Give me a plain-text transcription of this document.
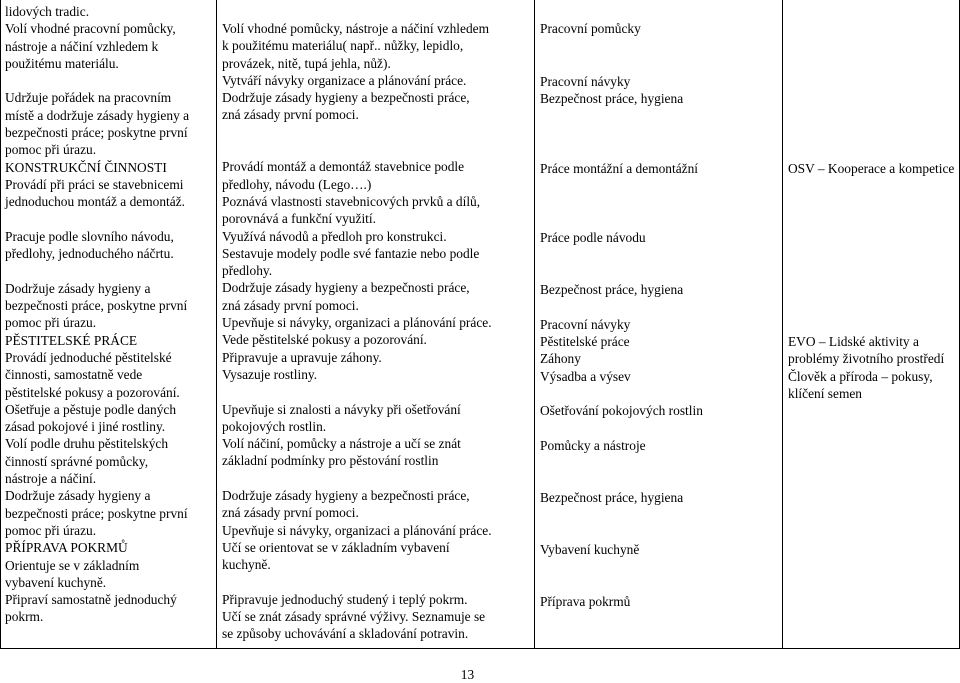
lidových tradic.

Volí vhodné pracovní pomůcky,

nástroje a náčiní vzhledem k

použitému materiálu.

Udržuje pořádek na pracovním

místě a dodržuje zásady hygieny a

bezpečnosti práce; poskytne první

pomoc při úrazu.

KONSTRUKČNÍ ČINNOSTI

Provádí při práci se stavebnicemi

jednoduchou montáž a demontáž.

Pracuje podle slovního návodu,

předlohy, jednoduchého náčrtu.

Dodržuje zásady hygieny a

bezpečnosti práce, poskytne první

pomoc při úrazu.

PĚSTITELSKÉ PRÁCE

Provádí jednoduché pěstitelské

činnosti, samostatně vede

pěstitelské pokusy a pozorování.

Ošetřuje a pěstuje podle daných

zásad pokojové i jiné rostliny.

Volí podle druhu pěstitelských

činností správné pomůcky,

nástroje a náčiní.

Dodržuje zásady hygieny a

bezpečnosti práce; poskytne první

pomoc při úrazu.

PŘÍPRAVA POKRMŮ

Orientuje se v základním

vybavení kuchyně.

Připraví samostatně jednoduchý

pokrm.

Volí vhodné pomůcky, nástroje a náčiní vzhledem

k použitému materiálu( např.. nůžky, lepidlo,

provázek, nitě, tupá jehla, nůž).

Vytváří návyky organizace a plánování práce.

Dodržuje zásady hygieny a bezpečnosti práce,

zná zásady první pomoci.

Provádí montáž a demontáž stavebnice podle

předlohy, návodu (Lego….)

Poznává vlastnosti stavebnicových prvků a dílů,

porovnává a funkční využití.

Využívá návodů a předloh pro konstrukci.

Sestavuje modely podle své fantazie nebo podle

předlohy.

Dodržuje zásady hygieny a bezpečnosti práce,

zná zásady první pomoci.

Upevňuje si návyky, organizaci a plánování práce.

Vede pěstitelské pokusy a pozorování.

Připravuje a upravuje záhony.

Vysazuje rostliny.

Upevňuje si znalosti a návyky při ošetřování

pokojových rostlin.

Volí náčiní, pomůcky a nástroje a učí se znát

základní podmínky pro pěstování rostlin

Dodržuje zásady hygieny a bezpečnosti práce,

zná zásady první pomoci.

Upevňuje si návyky, organizaci a plánování práce.

Učí se orientovat se v základním vybavení

kuchyně.

Připravuje jednoduchý studený i teplý pokrm.

Učí se znát zásady správné výživy. Seznamuje se

se způsoby uchovávání a skladování potravin.

Pracovní pomůcky

Pracovní návyky

Bezpečnost práce, hygiena

Práce montážní a demontážní

Práce podle návodu

Bezpečnost práce, hygiena

Pracovní návyky

Pěstitelské práce

Záhony

Výsadba a výsev

Ošetřování pokojových rostlin

Pomůcky a nástroje

Bezpečnost práce, hygiena

Vybavení kuchyně

Příprava pokrmů

OSV – Kooperace a kompetice

EVO – Lidské aktivity a

problémy životního prostředí

Člověk a příroda – pokusy,

klíčení semen

13
